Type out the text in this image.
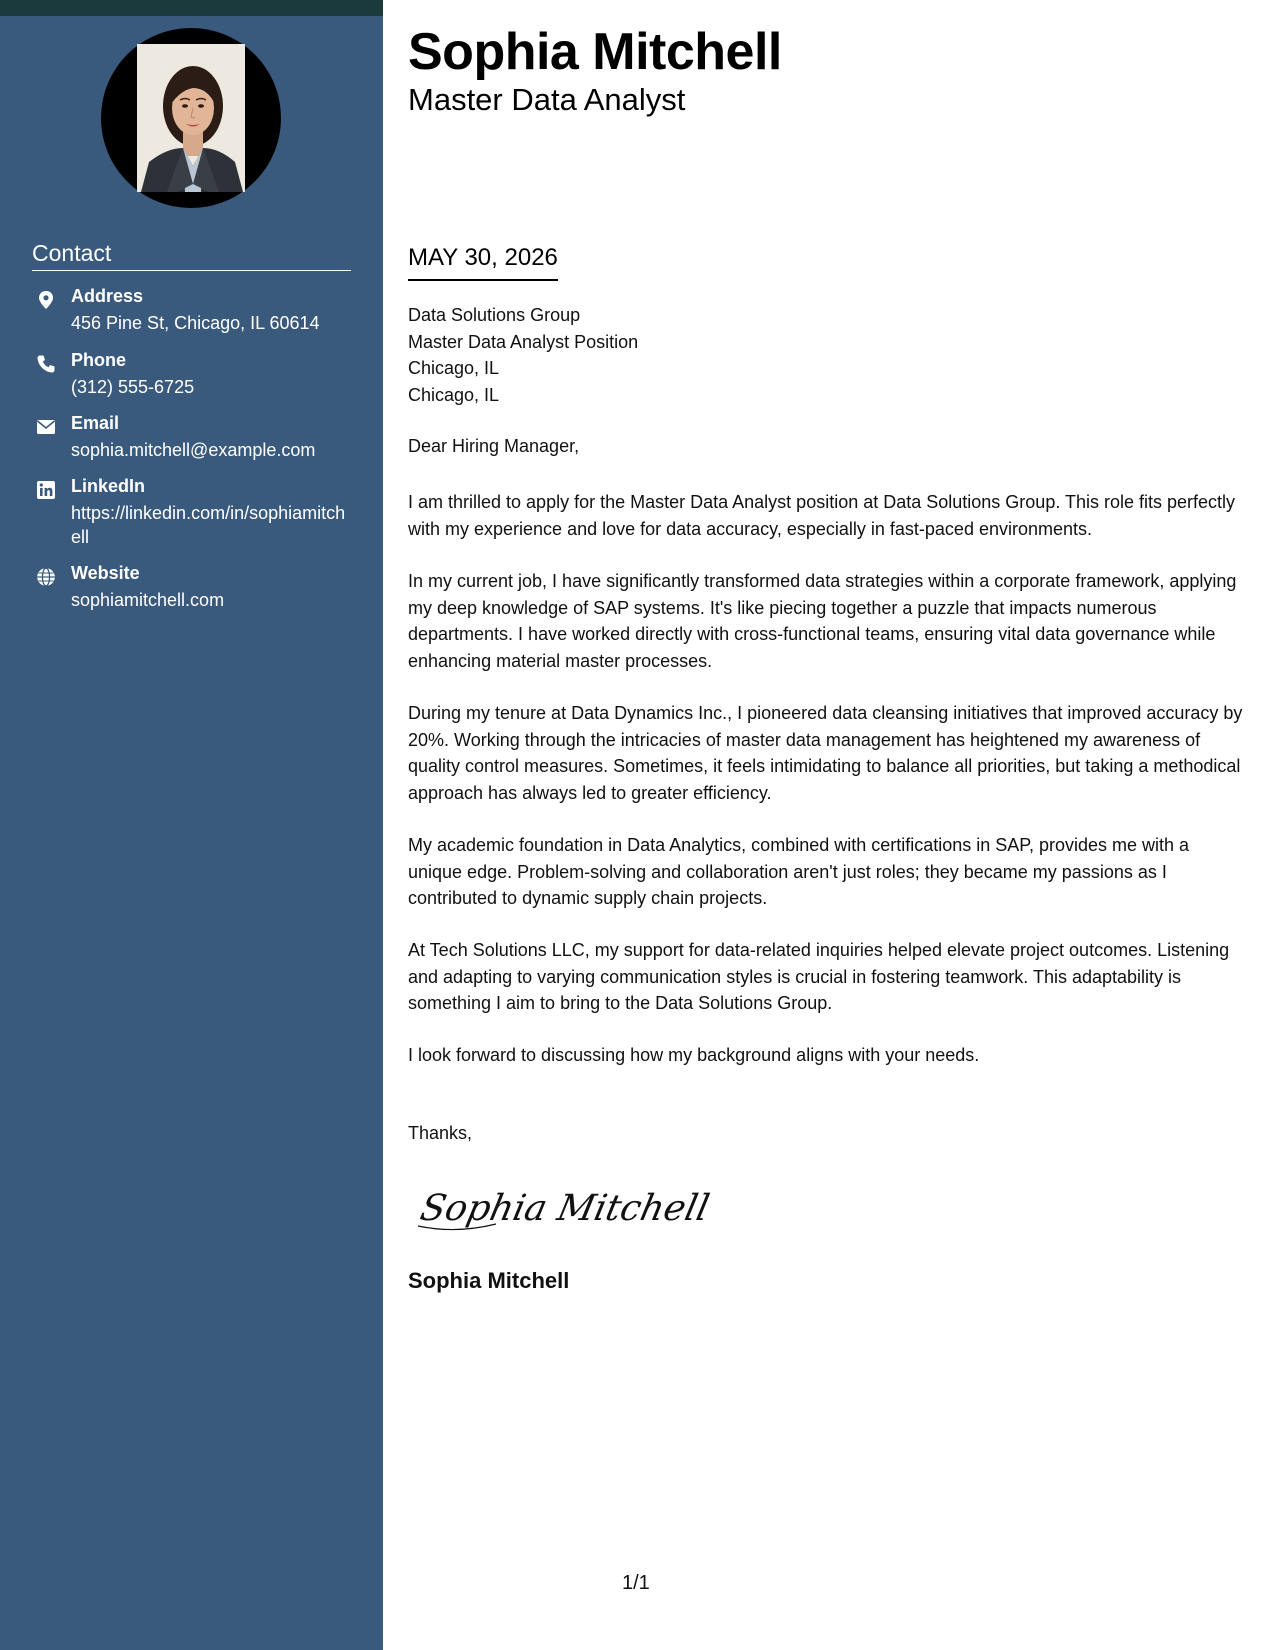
Contact
Address
456 Pine St, Chicago, IL 60614
Phone
(312) 555-6725
Email
sophia.mitchell@example.com
LinkedIn
https://linkedin.com/in/sophiamitchell
Website
sophiamitchell.com
Sophia Mitchell
Master Data Analyst
MAY 30, 2026
Data Solutions Group
Master Data Analyst Position
Chicago, IL
Chicago, IL
Dear Hiring Manager,

I am thrilled to apply for the Master Data Analyst position at Data Solutions Group. This role fits perfectly with my experience and love for data accuracy, especially in fast-paced environments.

In my current job, I have significantly transformed data strategies within a corporate framework, applying my deep knowledge of SAP systems. It's like piecing together a puzzle that impacts numerous departments. I have worked directly with cross-functional teams, ensuring vital data governance while enhancing material master processes.

During my tenure at Data Dynamics Inc., I pioneered data cleansing initiatives that improved accuracy by 20%. Working through the intricacies of master data management has heightened my awareness of quality control measures. Sometimes, it feels intimidating to balance all priorities, but taking a methodical approach has always led to greater efficiency.

My academic foundation in Data Analytics, combined with certifications in SAP, provides me with a unique edge. Problem-solving and collaboration aren't just roles; they became my passions as I contributed to dynamic supply chain projects.

At Tech Solutions LLC, my support for data-related inquiries helped elevate project outcomes. Listening and adapting to varying communication styles is crucial in fostering teamwork. This adaptability is something I aim to bring to the Data Solutions Group.

I look forward to discussing how my background aligns with your needs.

Thanks,
Sophia Mitchell
Sophia Mitchell
1/1
